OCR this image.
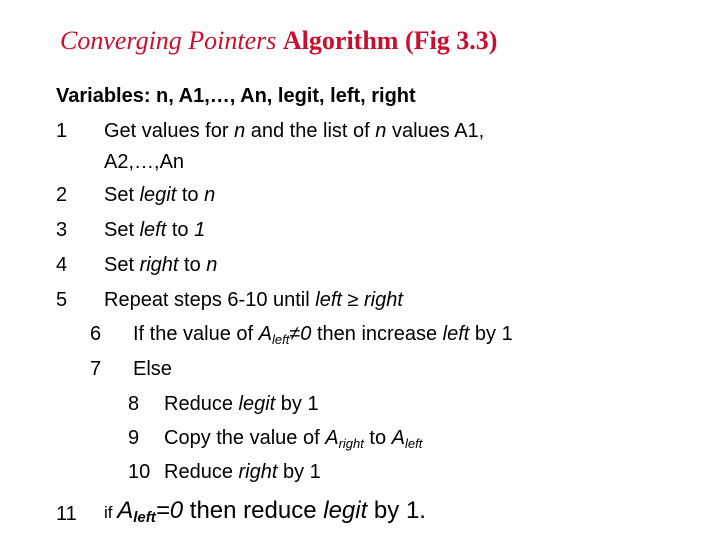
Converging Pointers Algorithm (Fig 3.3)
Variables: n, A1,…, An, legit, left, right
1 Get values for n and the list of n values A1,
A2,…,An
2 Set legit to n
3 Set left to 1
4 Set right to n
5 Repeat steps 6-10 until left ≥ right
6 If the value of $A_{left}\ne 0$ then increase left by 1
7 Else
8 Reduce legit by 1
9 Copy the value of $A_{right}$ to $A_{left}$
10 Reduce right by 1
11 if $A_{left}=0$ then reduce legit by 1.
